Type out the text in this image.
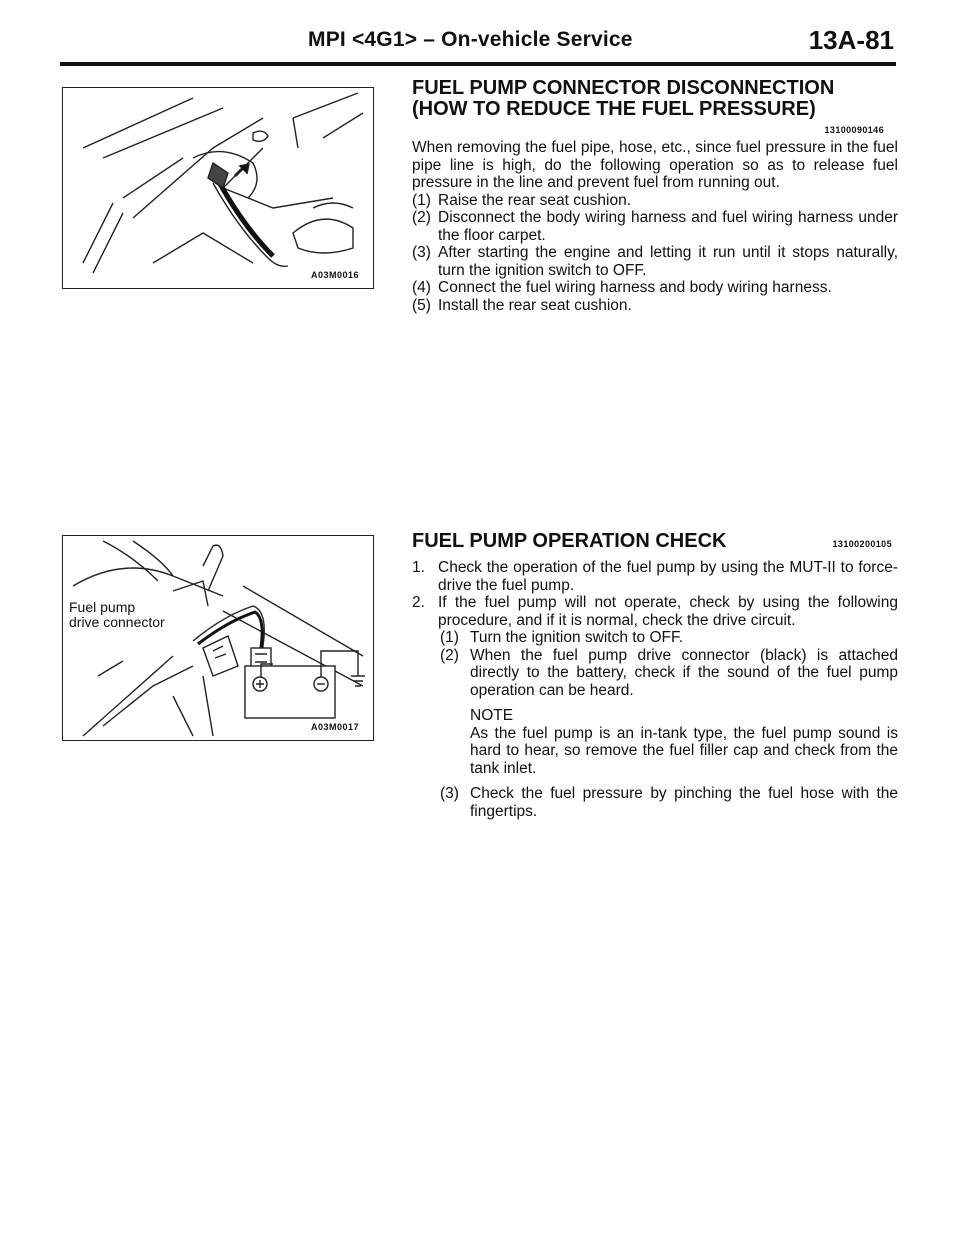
MPI <4G1> – On-vehicle Service	13A-81
A03M0016
Fuel pump
drive connector
A03M0017
FUEL PUMP CONNECTOR DISCONNECTION
(HOW TO REDUCE THE FUEL PRESSURE)
13100090146

When removing the fuel pipe, hose, etc., since fuel pressure in the fuel pipe line is high, do the following operation so as to release fuel pressure in the line and prevent fuel from running out.

(1) Raise the rear seat cushion.

(2) Disconnect the body wiring harness and fuel wiring harness under the floor carpet.

(3) After starting the engine and letting it run until it stops naturally, turn the ignition switch to OFF.

(4) Connect the fuel wiring harness and body wiring harness.

(5) Install the rear seat cushion.

FUEL PUMP OPERATION CHECK	13100200105
1. Check the operation of the fuel pump by using the MUT-II to force-drive the fuel pump.

2. If the fuel pump will not operate, check by using the following procedure, and if it is normal, check the drive circuit.

(1) Turn the ignition switch to OFF.

(2) When the fuel pump drive connector (black) is attached directly to the battery, check if the sound of the fuel pump operation can be heard.

NOTE

As the fuel pump is an in-tank type, the fuel pump sound is hard to hear, so remove the fuel filler cap and check from the tank inlet.

(3) Check the fuel pressure by pinching the fuel hose with the fingertips.
